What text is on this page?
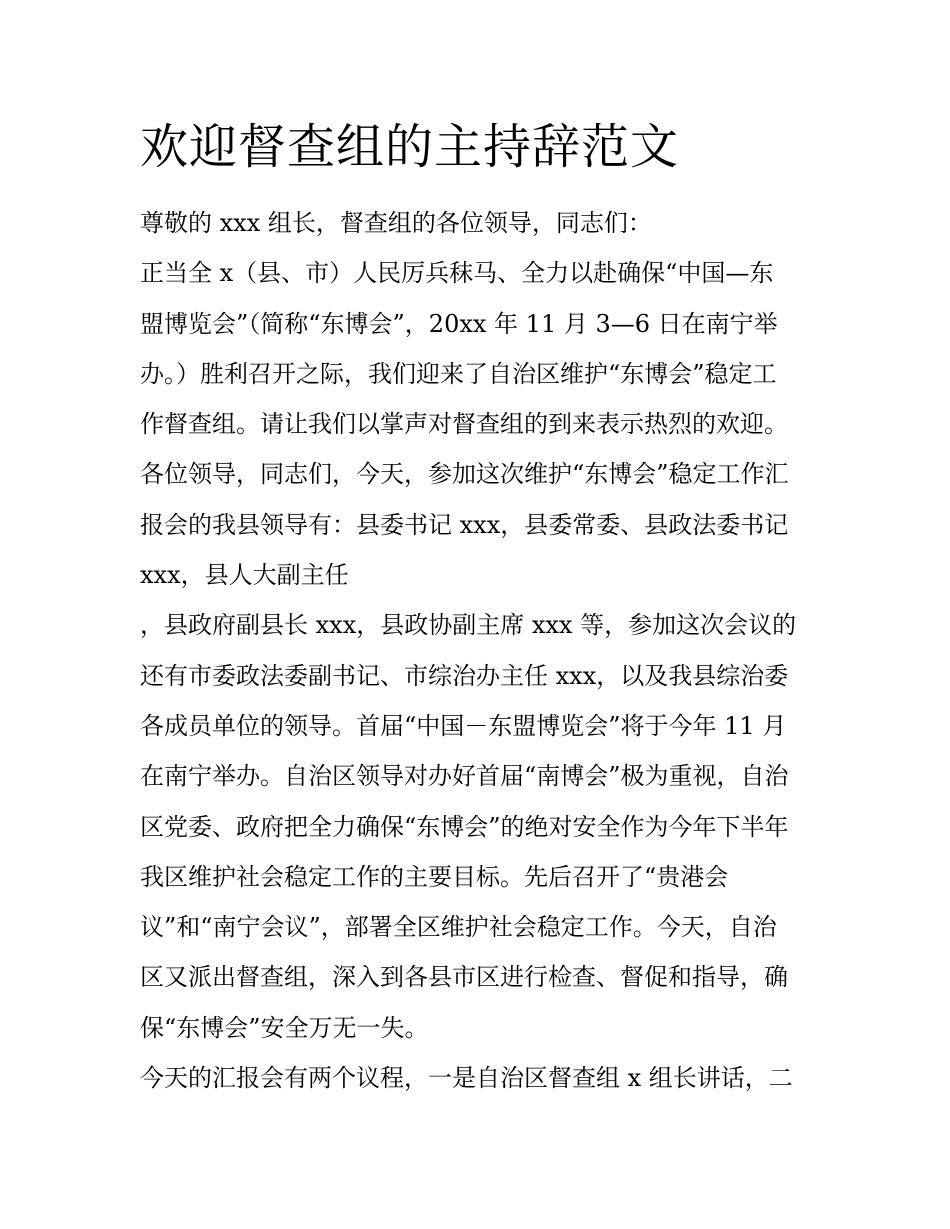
欢迎督查组的主持辞范文
尊敬的 xxx 组长，督查组的各位领导，同志们：
正当全 x（县、市）人民厉兵秣马、全力以赴确保“中国—东
盟博览会”（简称“东博会”，20xx 年 11 月 3—6 日在南宁举
办。）胜利召开之际，我们迎来了自治区维护“东博会”稳定工
作督查组。请让我们以掌声对督查组的到来表示热烈的欢迎。
各位领导，同志们，今天，参加这次维护“东博会”稳定工作汇
报会的我县领导有：县委书记 xxx，县委常委、县政法委书记
xxx，县人大副主任
，县政府副县长 xxx，县政协副主席 xxx 等，参加这次会议的
还有市委政法委副书记、市综治办主任 xxx，以及我县综治委
各成员单位的领导。首届“中国－东盟博览会”将于今年 11 月
在南宁举办。自治区领导对办好首届“南博会”极为重视，自治
区党委、政府把全力确保“东博会”的绝对安全作为今年下半年
我区维护社会稳定工作的主要目标。先后召开了“贵港会
议”和“南宁会议”，部署全区维护社会稳定工作。今天，自治
区又派出督查组，深入到各县市区进行检查、督促和指导，确
保“东博会”安全万无一失。
今天的汇报会有两个议程，一是自治区督查组 x 组长讲话，二
